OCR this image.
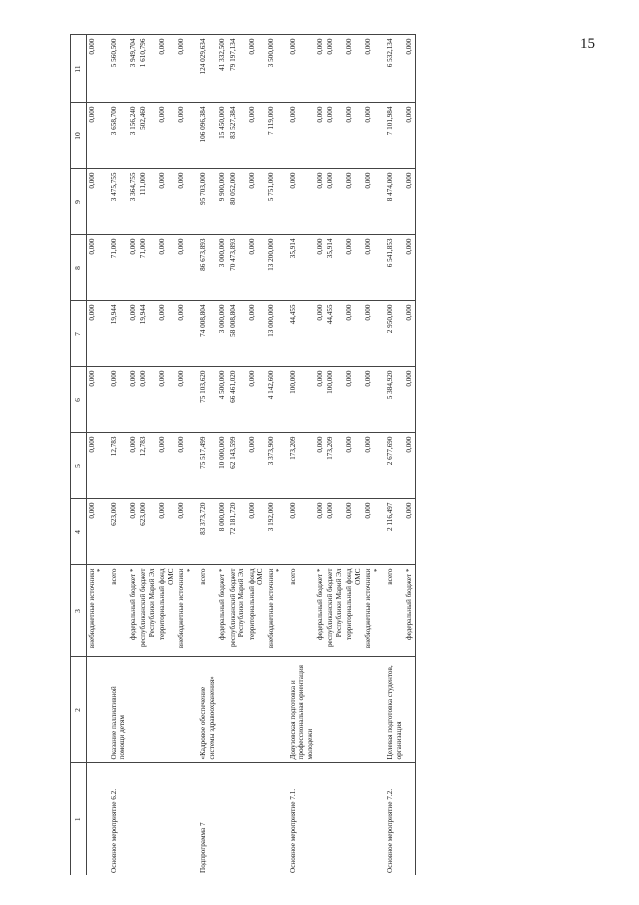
15
1	2	3	4	5	6	7	8	9	10	11
		внебюджетные источники *	0,000	0,000	0,000	0,000	0,000	0,000	0,000	0,000
Основное мероприятие 6.2.	Оказание паллиативной помощи детям	всего	623,000	12,783	0,000	19,944	71,000	3 475,755	3 658,700	5 560,500
		федеральный бюджет *	0,000	0,000	0,000	0,000	0,000	3 364,755	3 156,240	3 949,704
		республиканский бюджет Республики Марий Эл	623,000	12,783	0,000	19,944	71,000	111,000	502,460	1 610,796
		территориальный фонд ОМС	0,000	0,000	0,000	0,000	0,000	0,000	0,000	0,000
		внебюджетные источники *	0,000	0,000	0,000	0,000	0,000	0,000	0,000	0,000
Подпрограмма 7	«Кадровое обеспечение системы здравоохранения»	всего	83 373,720	75 517,499	75 103,620	74 008,804	86 673,893	95 703,000	106 096,384	124 029,634
		федеральный бюджет *	8 000,000	10 000,000	4 500,000	3 000,000	3 000,000	9 900,000	15 450,000	41 332,500
		республиканский бюджет Республики Марий Эл	72 181,720	62 143,599	66 461,020	58 008,804	70 473,893	80 052,000	83 527,384	79 197,134
		территориальный фонд ОМС	0,000	0,000	0,000	0,000	0,000	0,000	0,000	0,000
		внебюджетные источники *	3 192,000	3 373,900	4 142,600	13 000,000	13 200,000	5 751,000	7 119,000	3 500,000
Основное мероприятие 7.1.	Довузовская подготовка и профессиональная ориентация молодежи	всего	0,000	173,209	100,000	44,455	35,914	0,000	0,000	0,000
		федеральный бюджет *	0,000	0,000	0,000	0,000	0,000	0,000	0,000	0,000
		республиканский бюджет Республики Марий Эл	0,000	173,209	100,000	44,455	35,914	0,000	0,000	0,000
		территориальный фонд ОМС	0,000	0,000	0,000	0,000	0,000	0,000	0,000	0,000
		внебюджетные источники *	0,000	0,000	0,000	0,000	0,000	0,000	0,000	0,000
Основное мероприятие 7.2.	Целевая подготовка студентов, организация	всего	2 116,497	2 677,690	5 384,920	2 950,000	6 541,853	8 474,000	7 101,984	6 532,134
		федеральный бюджет *	0,000	0,000	0,000	0,000	0,000	0,000	0,000	0,000
